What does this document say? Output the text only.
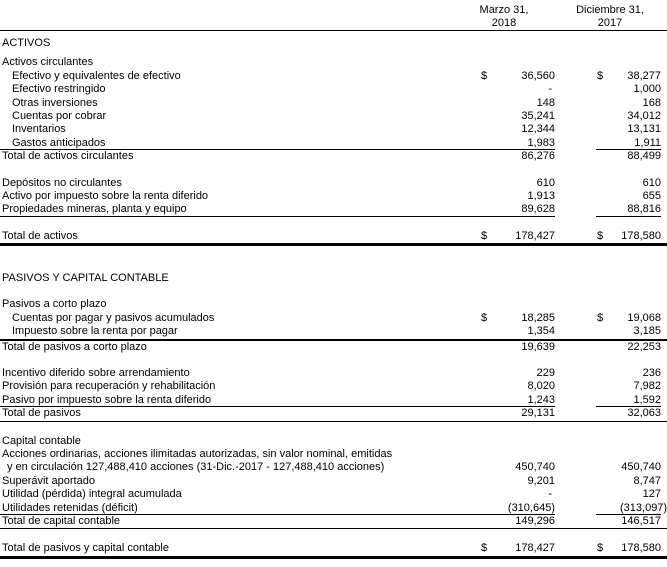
Marzo 31,
2018
Diciembre 31,
2017
ACTIVOS
Activos circulantes
Efectivo y equivalentes de efectivo	$	36,560	$	38,277
Efectivo restringido	-	1,000
Otras inversiones	148	168
Cuentas por cobrar	35,241	34,012
Inventarios	12,344	13,131
Gastos anticipados	1,983	1,911
Total de activos circulantes	86,276	88,499
Depósitos no circulantes	610	610
Activo por impuesto sobre la renta diferido	1,913	655
Propiedades mineras, planta y equipo	89,628	88,816
Total de activos	$	178,427	$	178,580
PASIVOS Y CAPITAL CONTABLE
Pasivos a corto plazo
Cuentas por pagar y pasivos acumulados	$	18,285	$	19,068
Impuesto sobre la renta por pagar	1,354	3,185
Total de pasivos a corto plazo	19,639	22,253
Incentivo diferido sobre arrendamiento	229	236
Provisión para recuperación y rehabilitación	8,020	7,982
Pasivo por impuesto sobre la renta diferido	1,243	1,592
Total de pasivos	29,131	32,063
Capital contable
Acciones ordinarias, acciones ilimitadas autorizadas, sin valor nominal, emitidas
y en circulación 127,488,410 acciones (31-Dic.-2017 - 127,488,410 acciones)	450,740	450,740
Superávit aportado	9,201	8,747
Utilidad (pérdida) integral acumulada	-	127
Utilidades retenidas (déficit)	(310,645)	(313,097)
Total de capital contable	149,296	146,517
Total de pasivos y capital contable	$	178,427	$	178,580
